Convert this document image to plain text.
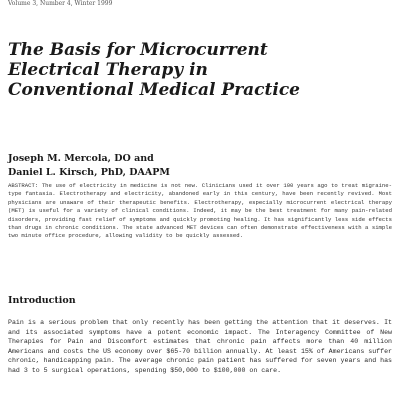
Volume 3, Number 4, Winter 1999
The Basis for Microcurrent
Electrical Therapy in
Conventional Medical Practice
Joseph M. Mercola, DO and
Daniel L. Kirsch, PhD, DAAPM

ABSTRACT: The use of electricity in medicine is not new. Clinicians used it over 100 years ago to treat migraine-type fantasia. Electrotherapy and electricity, abandoned early in this century, have been recently revived. Most physicians are unaware of their therapeutic benefits. Electrotherapy, especially microcurrent electrical therapy (MET) is useful for a variety of clinical conditions. Indeed, it may be the best treatment for many pain-related disorders, providing fast relief of symptoms and quickly promoting healing. It has significantly less side effects than drugs in chronic conditions. The state advanced MET devices can often demonstrate effectiveness with a simple two minute office procedure, allowing validity to be quickly assessed.

Introduction

Pain is a serious problem that only recently has been getting the attention that it deserves. It and its associated symptoms have a potent economic impact. The Interagency Committee of New Therapies for Pain and Discomfort estimates that chronic pain affects more than 40 million Americans and costs the US economy over $65-70 billion annually. At least 15% of Americans suffer chronic, handicapping pain. The average chronic pain patient has suffered for seven years and has had 3 to 5 surgical operations, spending $50,000 to $100,000 on care.
